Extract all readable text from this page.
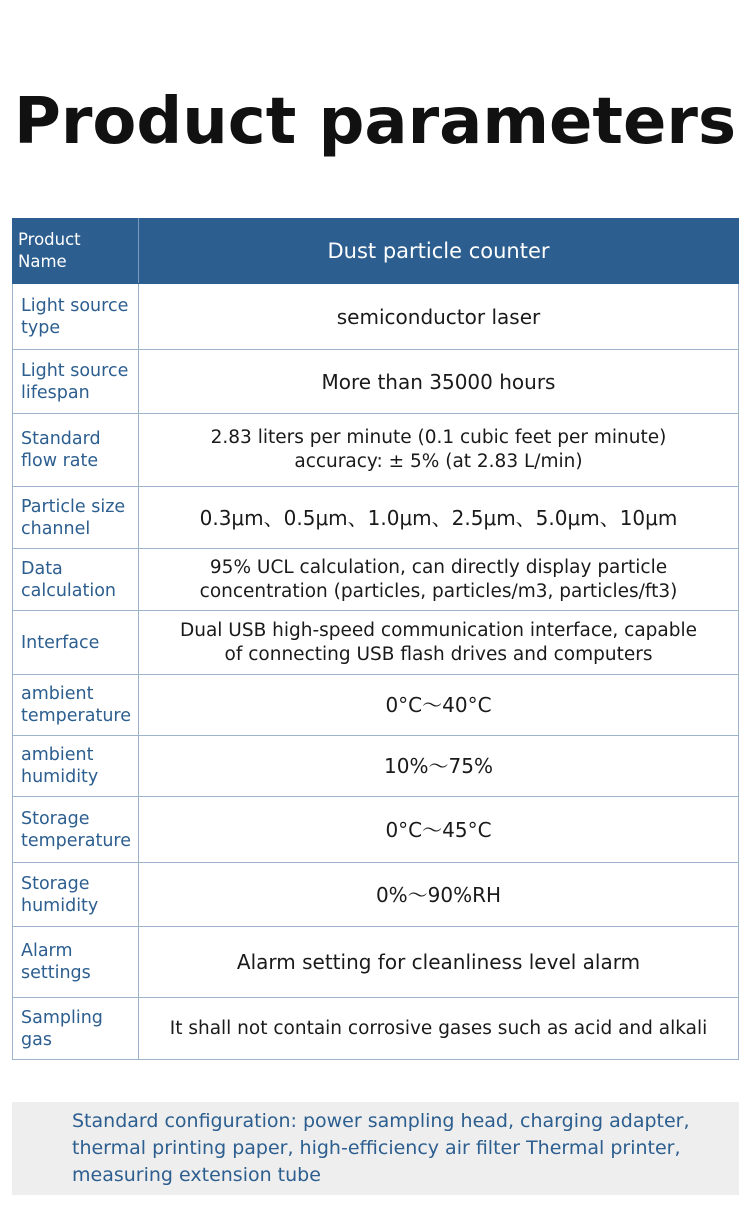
Product parameters
Product Name	Dust particle counter
Light source type	semiconductor laser

Light source lifespan	More than 35000 hours

Standard flow rate	2.83 liters per minute (0.1 cubic feet per minute)
accuracy: ± 5% (at 2.83 L/min)

Particle size channel	0.3μm、0.5μm、1.0μm、2.5μm、5.0μm、10μm

Data calculation	95% UCL calculation, can directly display particle
concentration (particles, particles/m3, particles/ft3)

Interface	Dual USB high-speed communication interface, capable
of connecting USB flash drives and computers

ambient temperature	0°C～40°C

ambient humidity	10%～75%

Storage temperature	0°C～45°C

Storage humidity	0%～90%RH

Alarm settings	Alarm setting for cleanliness level alarm

Sampling gas	It shall not contain corrosive gases such as acid and alkali

Standard configuration: power sampling head, charging adapter,

thermal printing paper, high-efficiency air filter Thermal printer,

measuring extension tube
